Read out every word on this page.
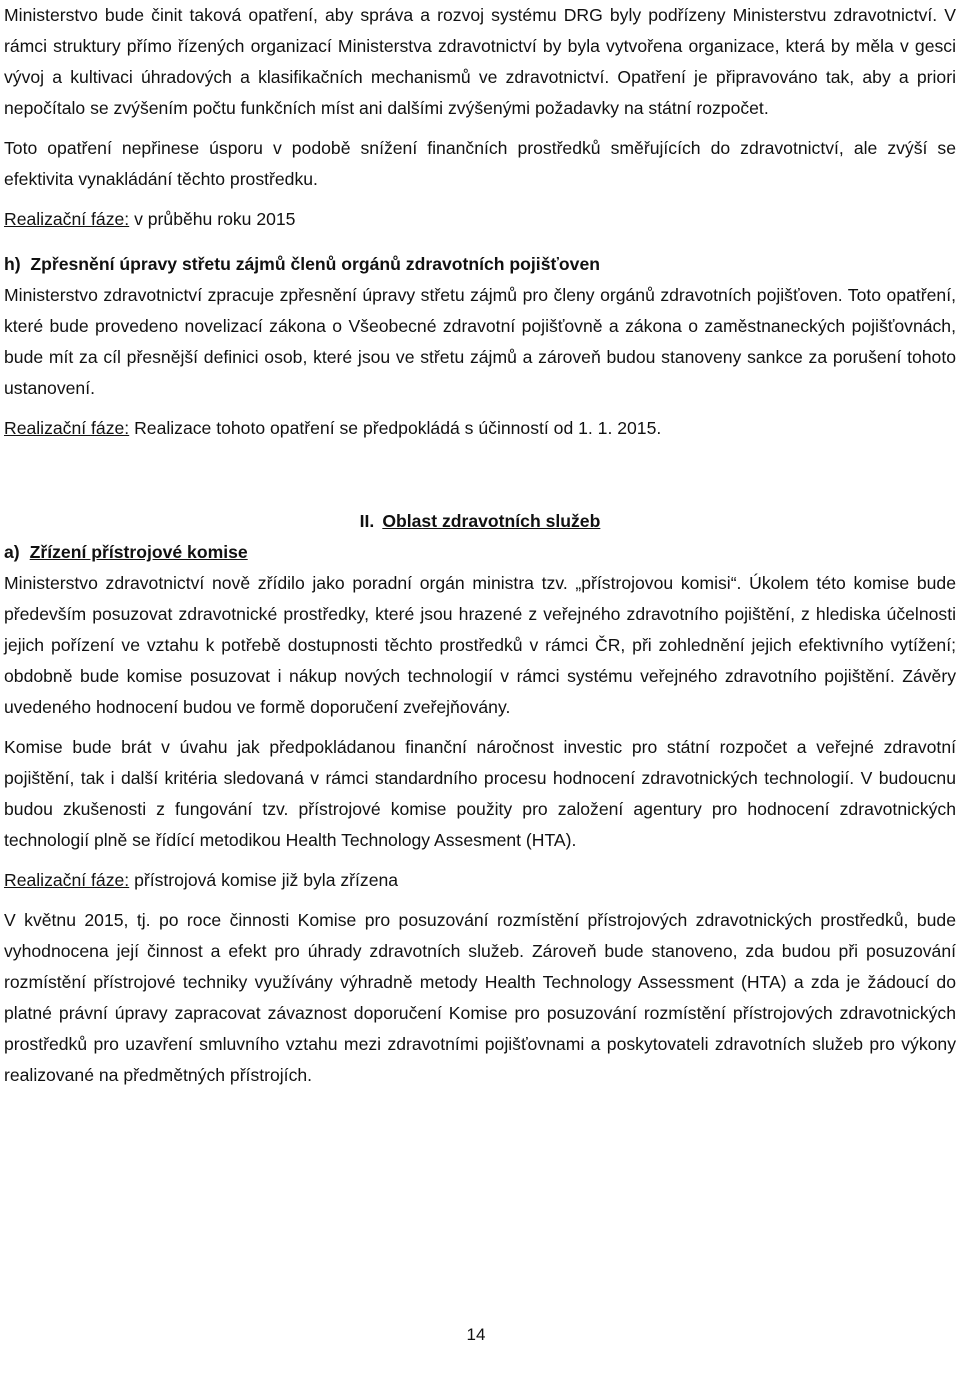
Ministerstvo bude činit taková opatření, aby správa a rozvoj systému DRG byly podřízeny Ministerstvu zdravotnictví. V rámci struktury přímo řízených organizací Ministerstva zdravotnictví by byla vytvořena organizace, která by měla v gesci vývoj a kultivaci úhradových a klasifikačních mechanismů ve zdravotnictví. Opatření je připravováno tak, aby a priori nepočítalo se zvýšením počtu funkčních míst ani dalšími zvýšenými požadavky na státní rozpočet.

Toto opatření nepřinese úsporu v podobě snížení finančních prostředků směřujících do zdravotnictví, ale zvýší se efektivita vynakládání těchto prostředku.

Realizační fáze: v průběhu roku 2015

h) Zpřesnění úpravy střetu zájmů členů orgánů zdravotních pojišťoven

Ministerstvo zdravotnictví zpracuje zpřesnění úpravy střetu zájmů pro členy orgánů zdravotních pojišťoven. Toto opatření, které bude provedeno novelizací zákona o Všeobecné zdravotní pojišťovně a zákona o zaměstnaneckých pojišťovnách, bude mít za cíl přesnější definici osob, které jsou ve střetu zájmů a zároveň budou stanoveny sankce za porušení tohoto ustanovení.

Realizační fáze: Realizace tohoto opatření se předpokládá s účinností od 1. 1. 2015.

II. Oblast zdravotních služeb

a) Zřízení přístrojové komise

Ministerstvo zdravotnictví nově zřídilo jako poradní orgán ministra tzv. „přístrojovou komisi“. Úkolem této komise bude především posuzovat zdravotnické prostředky, které jsou hrazené z veřejného zdravotního pojištění, z hlediska účelnosti jejich pořízení ve vztahu k potřebě dostupnosti těchto prostředků v rámci ČR, při zohlednění jejich efektivního vytížení; obdobně bude komise posuzovat i nákup nových technologií v rámci systému veřejného zdravotního pojištění. Závěry uvedeného hodnocení budou ve formě doporučení zveřejňovány.

Komise bude brát v úvahu jak předpokládanou finanční náročnost investic pro státní rozpočet a veřejné zdravotní pojištění, tak i další kritéria sledovaná v rámci standardního procesu hodnocení zdravotnických technologií. V budoucnu budou zkušenosti z fungování tzv. přístrojové komise použity pro založení agentury pro hodnocení zdravotnických technologií plně se řídící metodikou Health Technology Assesment (HTA).

Realizační fáze: přístrojová komise již byla zřízena

V květnu 2015, tj. po roce činnosti Komise pro posuzování rozmístění přístrojových zdravotnických prostředků, bude vyhodnocena její činnost a efekt pro úhrady zdravotních služeb. Zároveň bude stanoveno, zda budou při posuzování rozmístění přístrojové techniky využívány výhradně metody Health Technology Assessment (HTA) a zda je žádoucí do platné právní úpravy zapracovat závaznost doporučení Komise pro posuzování rozmístění přístrojových zdravotnických prostředků pro uzavření smluvního vztahu mezi zdravotními pojišťovnami a poskytovateli zdravotních služeb pro výkony realizované na předmětných přístrojích.

14
